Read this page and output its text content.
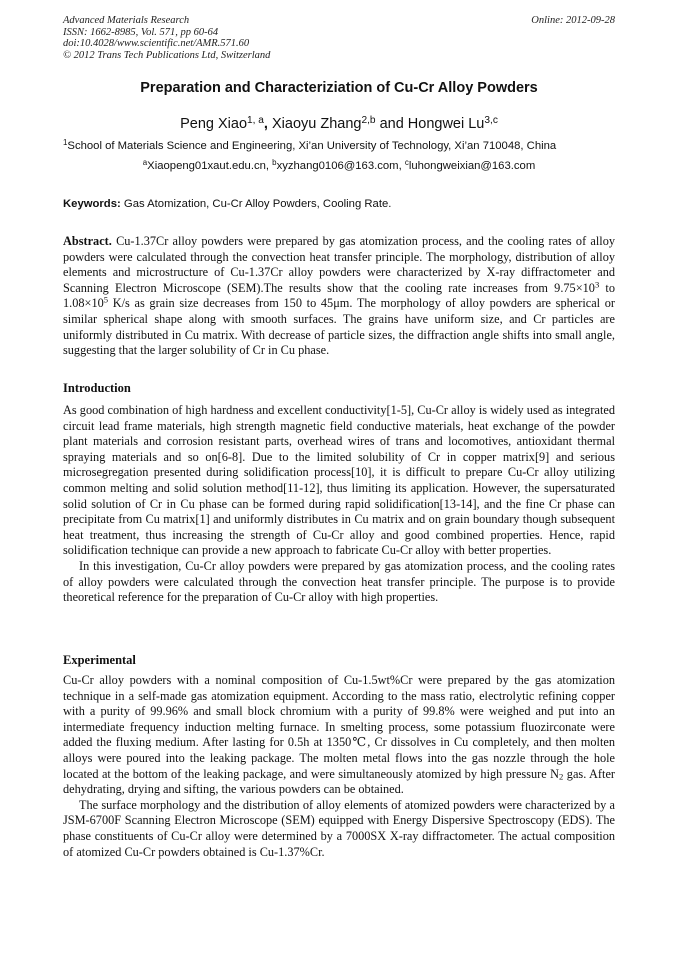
Advanced Materials Research
ISSN: 1662-8985, Vol. 571, pp 60-64
doi:10.4028/www.scientific.net/AMR.571.60
© 2012 Trans Tech Publications Ltd, Switzerland
Online: 2012-09-28
Preparation and Characteriziation of Cu-Cr Alloy Powders
Peng Xiao$^{1, a}$, Xiaoyu Zhang$^{2,b}$ and Hongwei Lu$^{3,c}$
$^1$School of Materials Science and Engineering, Xi’an University of Technology, Xi’an 710048, China
$^a$Xiaopeng01xaut.edu.cn, $^b$xyzhang0106@163.com, $^c$luhongweixian@163.com
Keywords: Gas Atomization, Cu-Cr Alloy Powders, Cooling Rate.

Abstract. Cu-1.37Cr alloy powders were prepared by gas atomization process, and the cooling rates of alloy powders were calculated through the convection heat transfer principle. The morphology, distribution of alloy elements and microstructure of Cu-1.37Cr alloy powders were characterized by X-ray diffractometer and Scanning Electron Microscope (SEM).The results show that the cooling rate increases from $9.75\times 10^3$ to $1.08\times 10^5$ K/s as grain size decreases from 150 to 45μm. The morphology of alloy powders are spherical or similar spherical shape along with smooth surfaces. The grains have uniform size, and Cr particles are uniformly distributed in Cu matrix. With decrease of particle sizes, the diffraction angle shifts into small angle, suggesting that the larger solubility of Cr in Cu phase.

Introduction

As good combination of high hardness and excellent conductivity[1-5], Cu-Cr alloy is widely used as integrated circuit lead frame materials, high strength magnetic field conductive materials, heat exchange of the powder plant materials and corrosion resistant parts, overhead wires of trans and locomotives, antioxidant thermal spraying materials and so on[6-8]. Due to the limited solubility of Cr in copper matrix[9] and serious microsegregation presented during solidification process[10], it is difficult to prepare Cu-Cr alloy utilizing common melting and solid solution method[11-12], thus limiting its application. However, the supersaturated solid solution of Cr in Cu phase can be formed during rapid solidification[13-14], and the fine Cr phase can precipitate from Cu matrix[1] and uniformly distributes in Cu matrix and on grain boundary though subsequent heat treatment, thus increasing the strength of Cu-Cr alloy and good combined properties. Hence, rapid solidification technique can provide a new approach to fabricate Cu-Cr alloy with better properties.

In this investigation, Cu-Cr alloy powders were prepared by gas atomization process, and the cooling rates of alloy powders were calculated through the convection heat transfer principle. The purpose is to provide theoretical reference for the preparation of Cu-Cr alloy with high properties.

Experimental

Cu-Cr alloy powders with a nominal composition of Cu-1.5wt%Cr were prepared by the gas atomization technique in a self-made gas atomization equipment. According to the mass ratio, electrolytic refining copper with a purity of 99.96% and small block chromium with a purity of 99.8% were weighed and put into an intermediate frequency induction melting furnace. In smelting process, some potassium fluozirconate were added the fluxing medium. After lasting for 0.5h at 1350℃, Cr dissolves in Cu completely, and then molten alloys were poured into the leaking package. The molten metal flows into the gas nozzle through the hole located at the bottom of the leaking package, and were simultaneously atomized by high pressure $N_2$ gas. After dehydrating, drying and sifting, the various powders can be obtained.

The surface morphology and the distribution of alloy elements of atomized powders were characterized by a JSM-6700F Scanning Electron Microscope (SEM) equipped with Energy Dispersive Spectroscopy (EDS). The phase constituents of Cu-Cr alloy were determined by a 7000SX X-ray diffractometer. The actual composition of atomized Cu-Cr powders obtained is Cu-1.37%Cr.
